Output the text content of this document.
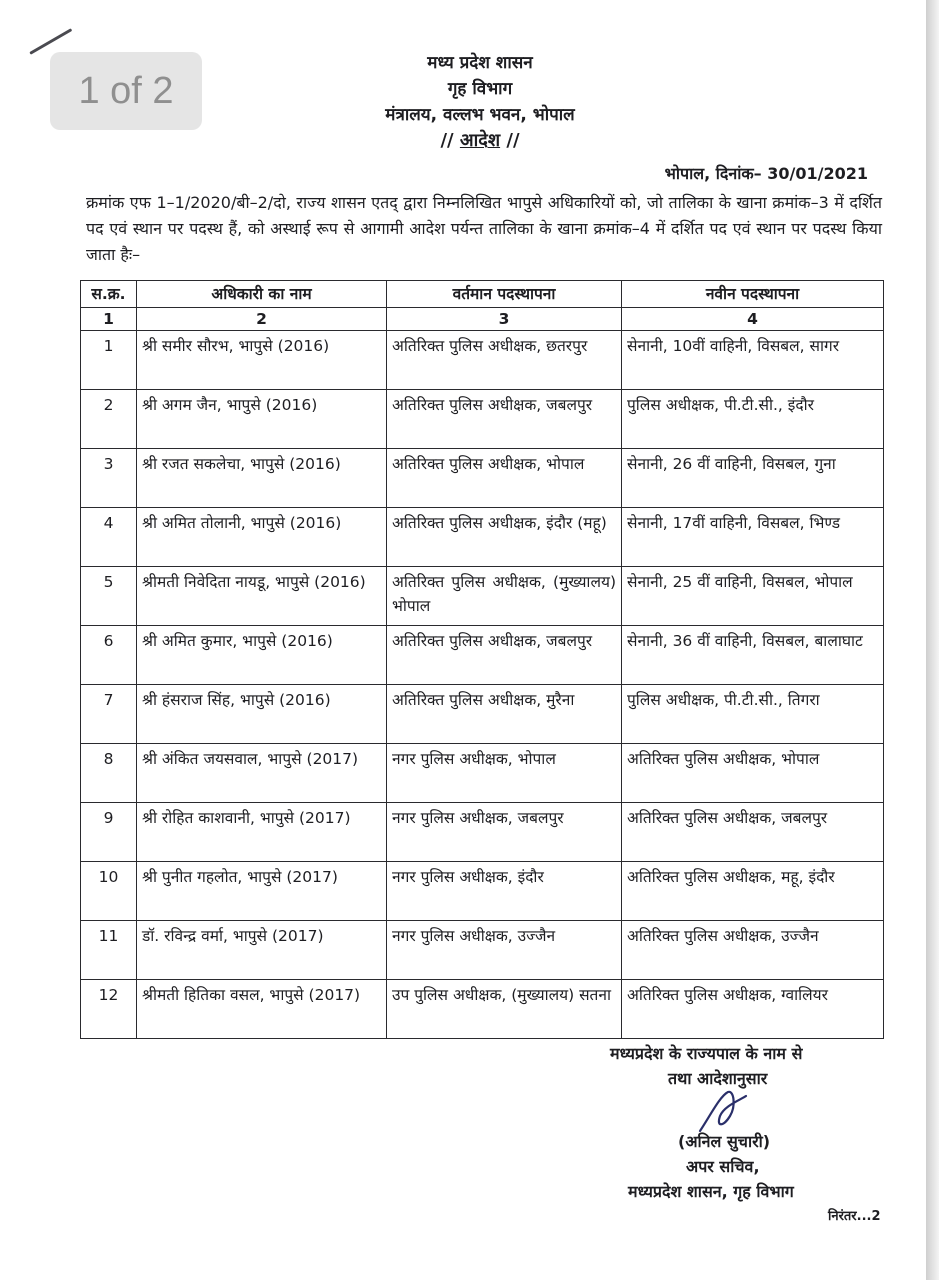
1 of 2
मध्य प्रदेश शासन
गृह विभाग
मंत्रालय, वल्लभ भवन, भोपाल
// आदेश //
भोपाल, दिनांक– 30/01/2021
क्रमांक एफ 1–1/2020/बी–2/दो, राज्य शासन एतद् द्वारा निम्नलिखित भापुसे अधिकारियों को, जो तालिका के खाना क्रमांक–3 में दर्शित पद एवं स्थान पर पदस्थ हैं, को अस्थाई रूप से आगामी आदेश पर्यन्त तालिका के खाना क्रमांक–4 में दर्शित पद एवं स्थान पर पदस्थ किया जाता हैः–
स.क्र.	अधिकारी का नाम	वर्तमान पदस्थापना	नवीन पदस्थापना
1	2	3	4
1	श्री समीर सौरभ, भापुसे (2016)	अतिरिक्त पुलिस अधीक्षक, छतरपुर	सेनानी, 10वीं वाहिनी, विसबल, सागर
2	श्री अगम जैन, भापुसे (2016)	अतिरिक्त पुलिस अधीक्षक, जबलपुर	पुलिस अधीक्षक, पी.टी.सी., इंदौर
3	श्री रजत सकलेचा, भापुसे (2016)	अतिरिक्त पुलिस अधीक्षक, भोपाल	सेनानी, 26 वीं वाहिनी, विसबल, गुना
4	श्री अमित तोलानी, भापुसे (2016)	अतिरिक्त पुलिस अधीक्षक, इंदौर (महू)	सेनानी, 17वीं वाहिनी, विसबल, भिण्ड
5	श्रीमती निवेदिता नायडू, भापुसे (2016)	अतिरिक्त पुलिस अधीक्षक, (मुख्यालय) भोपाल	सेनानी, 25 वीं वाहिनी, विसबल, भोपाल
6	श्री अमित कुमार, भापुसे (2016)	अतिरिक्त पुलिस अधीक्षक, जबलपुर	सेनानी, 36 वीं वाहिनी, विसबल, बालाघाट
7	श्री हंसराज सिंह, भापुसे (2016)	अतिरिक्त पुलिस अधीक्षक, मुरैना	पुलिस अधीक्षक, पी.टी.सी., तिगरा
8	श्री अंकित जयसवाल, भापुसे (2017)	नगर पुलिस अधीक्षक, भोपाल	अतिरिक्त पुलिस अधीक्षक, भोपाल
9	श्री रोहित काशवानी, भापुसे (2017)	नगर पुलिस अधीक्षक, जबलपुर	अतिरिक्त पुलिस अधीक्षक, जबलपुर
10	श्री पुनीत गहलोत, भापुसे (2017)	नगर पुलिस अधीक्षक, इंदौर	अतिरिक्त पुलिस अधीक्षक, महू, इंदौर
11	डॉ. रविन्द्र वर्मा, भापुसे (2017)	नगर पुलिस अधीक्षक, उज्जैन	अतिरिक्त पुलिस अधीक्षक, उज्जैन
12	श्रीमती हितिका वसल, भापुसे (2017)	उप पुलिस अधीक्षक, (मुख्यालय) सतना	अतिरिक्त पुलिस अधीक्षक, ग्वालियर
मध्यप्रदेश के राज्यपाल के नाम से
तथा आदेशानुसार
(अनिल सुचारी)
अपर सचिव,
मध्यप्रदेश शासन, गृह विभाग
निरंतर...2
